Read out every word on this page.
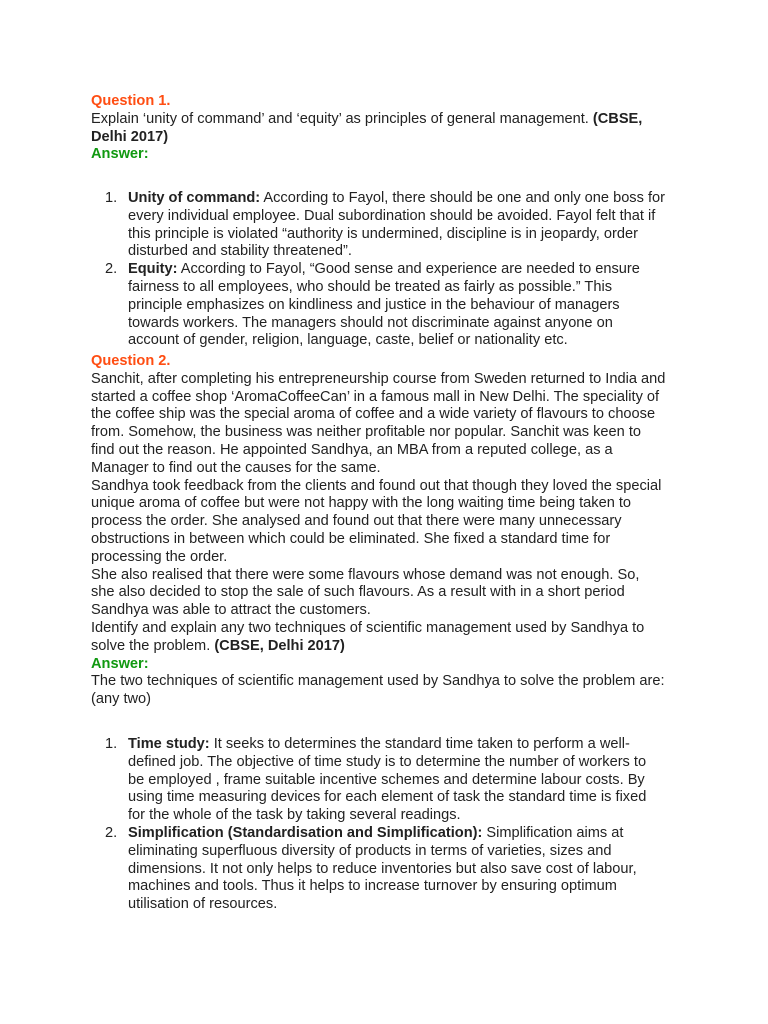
Question 1.
Explain ‘unity of command’ and ‘equity’ as principles of general management. (CBSE, Delhi 2017)
Answer:
1. Unity of command: According to Fayol, there should be one and only one boss for every individual employee. Dual subordination should be avoided. Fayol felt that if this principle is violated “authority is undermined, discipline is in jeopardy, order disturbed and stability threatened”.
2. Equity: According to Fayol, “Good sense and experience are needed to ensure fairness to all employees, who should be treated as fairly as possible.” This principle emphasizes on kindliness and justice in the behaviour of managers towards workers. The managers should not discriminate against anyone on account of gender, religion, language, caste, belief or nationality etc.
Question 2.
Sanchit, after completing his entrepreneurship course from Sweden returned to India and started a coffee shop ‘AromaCoffeeCan’ in a famous mall in New Delhi. The speciality of the coffee ship was the special aroma of coffee and a wide variety of flavours to choose from. Somehow, the business was neither profitable nor popular. Sanchit was keen to find out the reason. He appointed Sandhya, an MBA from a reputed college, as a Manager to find out the causes for the same.
Sandhya took feedback from the clients and found out that though they loved the special unique aroma of coffee but were not happy with the long waiting time being taken to process the order. She analysed and found out that there were many unnecessary obstructions in between which could be eliminated. She fixed a standard time for processing the order.
She also realised that there were some flavours whose demand was not enough. So, she also decided to stop the sale of such flavours. As a result with in a short period Sandhya was able to attract the customers.
Identify and explain any two techniques of scientific management used by Sandhya to solve the problem. (CBSE, Delhi 2017)
Answer:
The two techniques of scientific management used by Sandhya to solve the problem are: (any two)
1. Time study: It seeks to determines the standard time taken to perform a well-defined job. The objective of time study is to determine the number of workers to be employed , frame suitable incentive schemes and determine labour costs. By using time measuring devices for each element of task the standard time is fixed for the whole of the task by taking several readings.
2. Simplification (Standardisation and Simplification): Simplification aims at eliminating superfluous diversity of products in terms of varieties, sizes and dimensions. It not only helps to reduce inventories but also save cost of labour, machines and tools. Thus it helps to increase turnover by ensuring optimum utilisation of resources.
